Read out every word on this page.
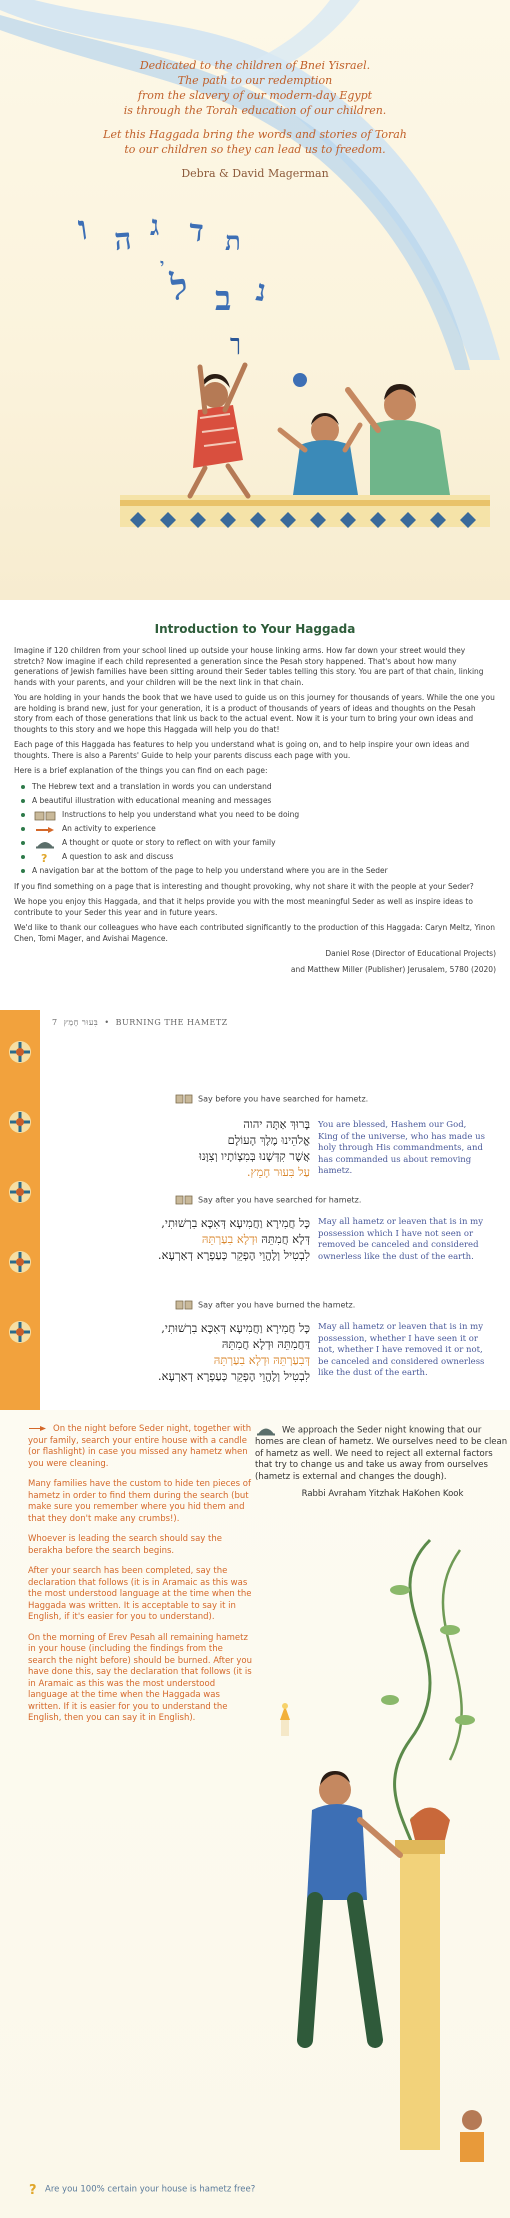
ו ה ג ד ת
ל ב נ
ך
י

Dedicated to the children of Bnei Yisrael.
The path to our redemption
from the slavery of our modern-day Egypt
is through the Torah education of our children.

Let this Haggada bring the words and stories of Torah
to our children so they can lead us to freedom.

Debra & David Magerman

Introduction to Your Haggada

Imagine if 120 children from your school lined up outside your house linking arms. How far down your street would they stretch? Now imagine if each child represented a generation since the Pesah story happened. That's about how many generations of Jewish families have been sitting around their Seder tables telling this story. You are part of that chain, linking hands with your parents, and your children will be the next link in that chain.

You are holding in your hands the book that we have used to guide us on this journey for thousands of years. While the one you are holding is brand new, just for your generation, it is a product of thousands of years of ideas and thoughts on the Pesah story from each of those generations that link us back to the actual event. Now it is your turn to bring your own ideas and thoughts to this story and we hope this Haggada will help you do that!

Each page of this Haggada has features to help you understand what is going on, and to help inspire your own ideas and thoughts. There is also a Parents' Guide to help your parents discuss each page with you.

Here is a brief explanation of the things you can find on each page:

The Hebrew text and a translation in words you can understand
A beautiful illustration with educational meaning and messages
Instructions to help you understand what you need to be doing
An activity to experience
A thought or quote or story to reflect on with your family
? A question to ask and discuss
A navigation bar at the bottom of the page to help you understand where you are in the Seder

If you find something on a page that is interesting and thought provoking, why not share it with the people at your Seder?

We hope you enjoy this Haggada, and that it helps provide you with the most meaningful Seder as well as inspire ideas to contribute to your Seder this year and in future years.

We'd like to thank our colleagues who have each contributed significantly to the production of this Haggada: Caryn Meltz, Yinon Chen, Tomi Mager, and Avishai Magence.

Daniel Rose (Director of Educational Projects)

and Matthew Miller (Publisher) Jerusalem, 5780 (2020)

7 בִּעוּר חָמֵץ  •  BURNING THE HAMETZ
Say before you have searched for hametz.
בָּרוּךְ אַתָּה יהוה
אֱלֹהֵינוּ מֶלֶךְ הָעוֹלָם
אֲשֶׁר קִדְּשָׁנוּ בְּמִצְוֹתָיו וְצִוָּנוּ
עַל בִּעוּר חָמֵץ.
You are blessed, Hashem our God, King of the universe, who has made us holy through His commandments, and has commanded us about removing hametz.
Say after you have searched for hametz.
כָּל חֲמִירָא וַחֲמִיעָא דְּאִכָּא בִרְשׁוּתִי,
דְּלָא חֲמִתֵּהּ וּדְלָא בִעַרְתֵּהּ
לִבְטִיל וְלֶהֱוֵי הֶפְקֵר כְּעַפְרָא דְאַרְעָא.
May all hametz or leaven that is in my possession which I have not seen or removed be canceled and considered ownerless like the dust of the earth.
Say after you have burned the hametz.
כָּל חֲמִירָא וַחֲמִיעָא דְּאִכָּא בִרְשׁוּתִי,
דַּחֲמִתֵּהּ וּדְלָא חֲמִתֵּהּ
דְּבִעַרְתֵּהּ וּדְלָא בִעַרְתֵּהּ
לִבְטִיל וְלֶהֱוֵי הֶפְקֵר כְּעַפְרָא דְאַרְעָא.
May all hametz or leaven that is in my possession, whether I have seen it or not, whether I have removed it or not, be canceled and considered ownerless like the dust of the earth.

On the night before Seder night, together with your family, search your entire house with a candle (or flashlight) in case you missed any hametz when you were cleaning.

Many families have the custom to hide ten pieces of hametz in order to find them during the search (but make sure you remember where you hid them and that they don't make any crumbs!).

Whoever is leading the search should say the berakha before the search begins.

After your search has been completed, say the declaration that follows (it is in Aramaic as this was the most understood language at the time when the Haggada was written. It is acceptable to say it in English, if it's easier for you to understand).

On the morning of Erev Pesah all remaining hametz in your house (including the findings from the search the night before) should be burned. After you have done this, say the declaration that follows (it is in Aramaic as this was the most understood language at the time when the Haggada was written. If it is easier for you to understand the English, then you can say it in English).

We approach the Seder night knowing that our homes are clean of hametz. We ourselves need to be clean of hametz as well. We need to reject all external factors that try to change us and take us away from ourselves (hametz is external and changes the dough).
Rabbi Avraham Yitzhak HaKohen Kook
? Are you 100% certain your house is hametz free?
